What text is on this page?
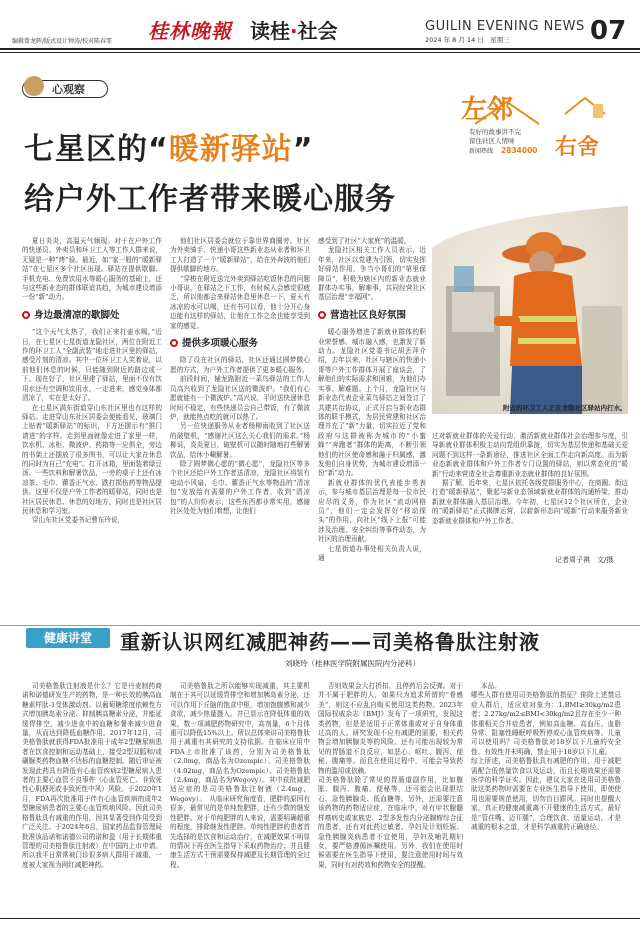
编辑曾龙晖/版式设计钟涛/校对陈春霏 桂林晚報 读桂·社会	GUILIN EVENING NEWS
2024 年 8 月 14 日　星期三	07
心观察
七星区的“暖新驿站”
给户外工作者带来暖心服务
左邻
右舍
有好的故事讲不完
留住社区人情味
新闻热线 2834000
附近的环卫工人正在龙隐社区驿站内打水。

夏日炎炎，高温天气频现。对于在户外工作的快递员、外卖员和环卫工人等工作人群来说，无疑是一种“烤”验。最近，如“家一般的“暖新驿站”在七星区多个社区出现。驿站在提供歇脚、手机充电、免费饮用水等暖心服务的基础上，还与这些新业态的群体联谊共趋，为城市建设增添一份“新”动力。

身边最清凉的歇脚处

“这个天气太热了，我们正来打壶水喝。”近日，在七星区七星街道龙隐社区，两位在附近工作的环卫工人“全副武装”地走进社区里的驿站，感受片刻的清凉。其中一位环卫工人笑着说，以前他们休息的时候，只能随到附近的路边或一下。现在好了，社区里建了驿站，里面不仅有饮用水还有空调和饮用水，一走进来，感觉身体都清凉了，实在是太好了。

在七星区满东街道穿山东社区里也有这样的驿站。走进穿山东社区居委会便能看见，玻璃门上贴着“暖新驿站”的标识，下方还摆示有“推门请进”的字样。走到里面就像走进了家里一样，饮水机、冰柜、微波炉、药箱等一应俱全，旁边的书架上还摆放了很多图书，可以让大家在休息的同时为自己“充电”。打开冰箱，里面装着绿豆汤、一些饮料和解暑饮品，一旁的桌子上还有冰凉茶、毛巾、藿香正气水、跌打损伤药等物品提供。这里不仅是户外工作者的暖驿站，同时也是社区居民休息、休息的好地方，同时也是社区居民休息和学习室。

穿山东社区党委书记曹东玲说，

他们社区居委会就位于靠世界商圈旁。社区为外卖骑手、快递小哥这些新业态从业者和环卫工人打造了一个“暖新驿站”，给在外奔波的他们提供歇脚的地方。

“穿梭在附近送完外卖到驿站吃饭休息的问题小哥说，在驿站之下工作，有时候人会感觉很疲乏，所以他都会来驿站休息里休息一下，夏天有冰凉的水可以喝，还有书可以看，他十分开心身边能有这样的驿站，让他在工作之余也能享受到家的感觉。

提供多项暖心服务

除了设在社区的驿站，社区还通过圆梦微心愿的方式，为户外工作者提供了更多暖心服务。

前段时间，辅龙路附近一菜鸟驿站的工作人员高兴收到了龙隐社区送的微波炉。“我们有心愿就能有一个微波炉。”高兴说，平时送快递休息时间不稳定，有些快递员会自己带饭，有了微波炉，就能热点吃的就可以热了。

另一位快递服务从业者杨柳雨收到了社区送的破壁机，“感谢社区这么关心我们的需求。”杨柳说，炎炎夏日，破壁机可以随时随地打些解暑饮品，给休小唰解暑。

除了圆梦微心愿的“微心愿”，龙隐社区等多个社区还给户外工作者送清凉，龙隐社区将装有电动小风扇、毛巾、藿香正气水等物品的“清凉包”发放给有需要的户外工作者，收到“清凉包”的人纷纷表示，这些东西都非常实用，感谢社区处处为他们着想，让他们

感受到了社区“大家庭”的温暖。

龙隐社区相关工作人员表示，近年来，社区以党建为引领，切实发挥好驿站作用，争当小哥们的“第里保障员”，积极为辖区内的新业态就业群体办实事，解难事，共同经营社区基层治理“幸福网”。

营造社区良好氛围

暖心服务增进了新就业群体的职业荣誉感、城市融入感，也激发了新动力。龙隐社区党委书记胡丢萍介绍，去年以来，社区与辖区的快递小哥等户外工作群体开展了座谈会，了解他们的实际需求和困难，为他们办实事、解难题。上个月，龙隐社区与新业态代表企业菜鸟驿站之间签订了共建共治协议，正式开启与新业态群体的联手模式，为居民营建和社区治理并充了“新”力量，切实拉近了党和政府与这群被称为城市的“小蜜蜂”“奔跑者”群体的距离，不断引领他们的社区使命感和融于归属感，激发他们自身优势，为城市建设增添一份“新”动力。

新就业群体的优代表能步勇表示，参与城市基层治理是每一位市民应尽的义务，作为社区“流动网格员”，他们一定会发挥好“移动探头”的作用，向社区“线下上报”可能涉及治理、安全纠纷等事件动态，为社区的治理贡献。

七星街道办事处相关负责人说，通

过对新就业群体的关爱行动，激活新就业群体社会治理参与度，引导新就业群体积极主动向党组织靠拢，切实为基层快递和基础关爱问题不到这样一条新途径，推进社区全面工作走向新高度。而为新业态新就业群体和户外工作者专门设置的驿站，则以常态化的“暖新”行动来营造全社会尊重新业态就业群体的良好氛围。

据了解，近年来，七星区依托各级党群服务中心，在商圈、街边打造“暖新驿站”，聚起与新业态领域新就业群体的沟通桥梁，推动新就业群体融入基层治理。今年初，七星区12个社区所在，企业的“暖新驿站”正式揭牌运营，以崭新形态向“暖新”行动来服务新业态新就业群体和户外工作者。

记者周子祺　文/摄
健康讲堂	重新认识网红减肥神药——司美格鲁肽注射液
刘晓玲（桂林医学院附属医院内分泌科）

司美格鲁肽注射液是什么？它是丹麦制药商诺和诺德研发生产的药物，是一种长效的胰高血糖素样肽-1受体激动剂。以葡萄糖浓度依赖性方式增加胰岛素分泌、抑制胰高糖素分泌，并能延缓胃排空，减少进食中的血糖和餐来减少进食量，从而达到降低血糖作用。2017年12月，司美格鲁肽就获得FDA批准用于成年2型糖尿病患者在饮食控制和运动基础上，接受2型双胍和/或磺脲类药物血糖不达标的血糖控制。随后审证被发现此药具有降低有心血管疾病2型糖尿病人患者的主要心血管不良事件（心血管死亡、非致死性心肌梗死或非致死性中风）风险。于2020年1月，FDA再次批准用于伴有心血管疾病的成年2型糖尿病患者的主要心血管疾病风险。因此司美格鲁肽具有减重的作用，因其显著受到作用受到广泛关注。于2024年6月，国家药品监督管理局批准该品诺和诺德公司的诺和盈（用于长期体重管理的司美格鲁肽注射液）在中国的上市申请。所以我平日常常被门诊很多病人群用于减重，一度被大家视为网红减肥神药。

司美格鲁肽之所以能够实现减重，其主要机制在于其可以延缓胃排空和增加胰岛素分泌，还可以作用下丘脑的饱食中枢，增加饱腹感和减少食欲，减少热量摄入。并已显示在降低体重的效果，数一项减肥药物研究中，高剂量，6个月体重可以降低15%以上。所以总体来讲司美格鲁肽用于减重有其研究的支持依据。在临床应用中FDA上市批准了该药，分别为司美格鲁肽（2.0mg，商品名为Ozempic）、司美格鲁肽（4.02mg，商品名为Ozempic）、司美格鲁肽（2.4mg，商品名为Wegovy）。其中获批减肥适应症的是司美格鲁肽注射液（2.4mg，Wegovy）。　从临床研究角度看，肥胖的原因有很多，最常见的是单纯性肥胖，还有少数的继发性肥胖。对于单纯肥胖的人来说，需要明确超重的程度，排除继发性肥胖。单纯性肥胖的患者首先选择的是饮食和运动治疗，在减肥效果不明显的情况下再在医生指导下采取药物治疗；并且健康生活方式干预需要保持减肥及长期管理的全过程。

否则效果会大打折扣，且停药后会反弹。对于并不属于肥胖的人，如果只为追求所谓的“骨感美”，则这不应乱自购买使用这类药物。2023年国际权威杂志《BMJ》发布了一项研究，发现这类药物，但是是适用于正常体重或对于自身体重过高的人。研究发现不应有减肥的需要，相关药物会增加胰腺炎等的风险。还有可能出现较为常见的胃肠道不良反应，如恶心、呕吐、腹泻、便秘、腹痛等。而且在使用过程中，可能会导致药物的滥用或依赖。
司美格鲁肽除了常见的胃肠道副作用，比如腹胀、腹泻、腹痛、便秘等，还可能会出现胆结石、急性胰腺炎、低血糖等。另外，还需要注意该药物的药物适应症，在临床中，对有甲状腺髓样癌病史或家族史、2型多发性内分泌腺瘤综合征的患者，还有对此药过敏者、孕妇及计划妊娠、急性胰腺炎病患者不宜使用，孕妇及哺乳期妇女，要严格遵循医嘱使用。另外，我们在使用时候需要在医生指导下使用，要注意使用时间与效果，同时有对药效和药物安全的提醒。

本品。
哪些人群有使用司美格鲁肽的指征？排除上述禁忌症人群后，适应症对象为：1.BMI≥30kg/m2患者；2.27kg/m2≤BMI<30kg/m2且存在至少一种体重相关合并症患者，例如高血糖、高血压、血脂异常、阻塞性睡眠呼吸暂停或心血管疾病等。儿童可以使用吗？司美格鲁肽对18岁以下儿童的安全性、有效性并未明确，禁止用于18岁以下儿童。
综上所述，司美格鲁肽具有减肥的作用，用于减肥需配合低热量饮食以及运动，而且长期效果还需要医学的科学证实。因此，建议大家在选用司美格鲁肽这类药物时需要在专业医生指导下使用，即使使用也需要规范使用，切勿盲目跟风。同时也提醒大家，真正的健康减重离不开健康的生活方式，最好是“管住嘴、迈开腿”，合理饮食、适量运动，才是减重的根本之道，才是科学减重的正确途径。
